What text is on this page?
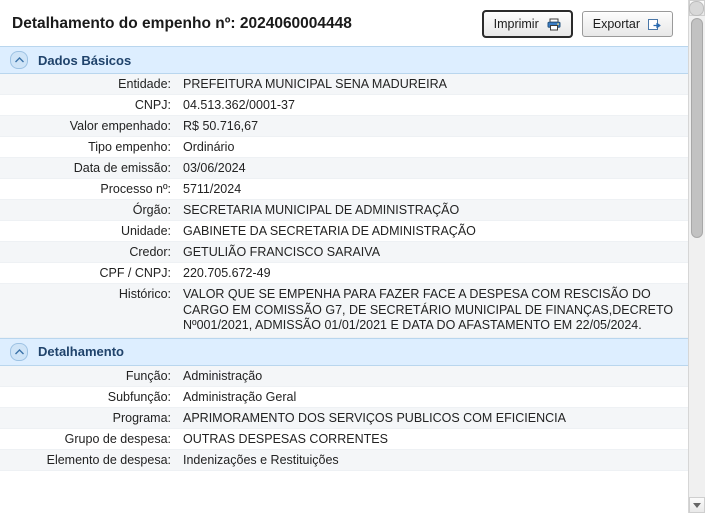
Detalhamento do empenho nº: 2024060004448	Imprimir	Exportar
Dados Básicos
Entidade:	PREFEITURA MUNICIPAL SENA MADUREIRA
CNPJ:	04.513.362/0001-37
Valor empenhado:	R$ 50.716,67
Tipo empenho:	Ordinário
Data de emissão:	03/06/2024
Processo nº:	5711/2024
Órgão:	SECRETARIA MUNICIPAL DE ADMINISTRAÇÃO
Unidade:	GABINETE DA SECRETARIA DE ADMINISTRAÇÃO
Credor:	GETULIÃO FRANCISCO SARAIVA
CPF / CNPJ:	220.705.672-49
Histórico:	VALOR QUE SE EMPENHA PARA FAZER FACE A DESPESA COM RESCISÃO DO CARGO EM COMISSÃO G7, DE SECRETÁRIO MUNICIPAL DE FINANÇAS,DECRETO Nº001/2021, ADMISSÃO 01/01/2021 E DATA DO AFASTAMENTO EM 22/05/2024.
Detalhamento
Função:	Administração
Subfunção:	Administração Geral
Programa:	APRIMORAMENTO DOS SERVIÇOS PUBLICOS COM EFICIENCIA
Grupo de despesa:	OUTRAS DESPESAS CORRENTES
Elemento de despesa:	Indenizações e Restituições
